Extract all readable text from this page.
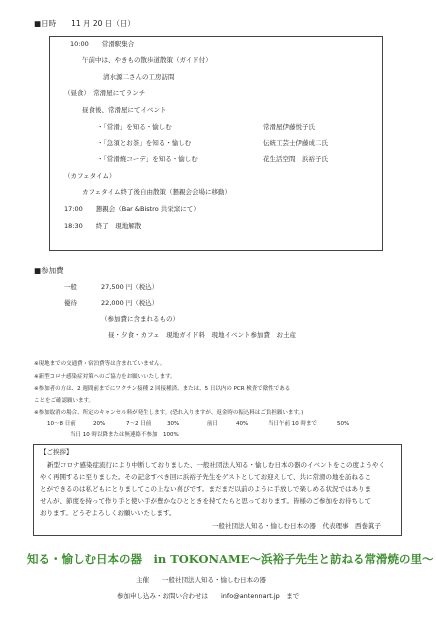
■日時　　11 月 20 日（日）
10:00　　常滑駅集合
午前中は、やきもの散歩道散策（ガイド付）
清水源二さんの工房訪問
（昼食）　常滑屋にてランチ
昼食後、常滑屋にてイベント
・「常滑」を知る・愉しむ	常滑屋伊藤悦子氏
・「急須とお茶」を知る・愉しむ	伝統工芸士伊藤成二氏
・「常滑焼コーデ」を知る・愉しむ	花生活空間　浜裕子氏
（カフェタイム）
カフェタイム終了後自由散策（懇親会会場に移動）
17:00　　懇親会（Bar &Bistro 共栄窯にて）
18:30　　終了　現地解散
■参加費
一般	27,500 円（税込）
優待	22,000 円（税込）
（参加費に含まれるもの）
昼・夕食・カフェ　現地ガイド料　現地イベント参加費　お土産
※現地までの交通費・宿泊費等は含まれていません。
※新型コロナ感染症対策へのご協力をお願いいたします。
※参加者の方は、2 週間前までにワクチン接種 2 回接種済、または、5 日以内の PCR 検査で陰性である
ことをご確認願います。
※参加取消の場合、所定のキャンセル料が発生します。(恐れ入りますが、返金時の振込料はご負担願います。)
10～8 日前	20%	7～2 日前	30%	前日	40%	当日午前 10 時まで	50%
当日 10 時以降または無連絡不参加　100%
【ご挨拶】
新型コロナ感染症流行により中断しておりました、一般社団法人知る・愉しむ日本の器のイベントをこの度ようやく
やく再開するに至りました。その記念すべき回に浜裕子先生をゲストとしてお迎えして、共に常滑の地を訪ねるこ
とができるのは私どもにとりましてこの上ない喜びです。まだまだ以前のように手放しで楽しめる状況ではありま
せんが、節度を持って作り手と使い手が豊かなひとときを持てたらと思っております。皆様のご参加をお待ちして
おります。どうぞよろしくお願いいたします。
一般社団法人知る・愉しむ日本の器　代表理事　西巻眞子
知る・愉しむ日本の器　in TOKONAME～浜裕子先生と訪ねる常滑焼の里～
主催　　一般社団法人知る・愉しむ日本の器
参加申し込み・お問い合わせは　　info@antennart.jp　まで
